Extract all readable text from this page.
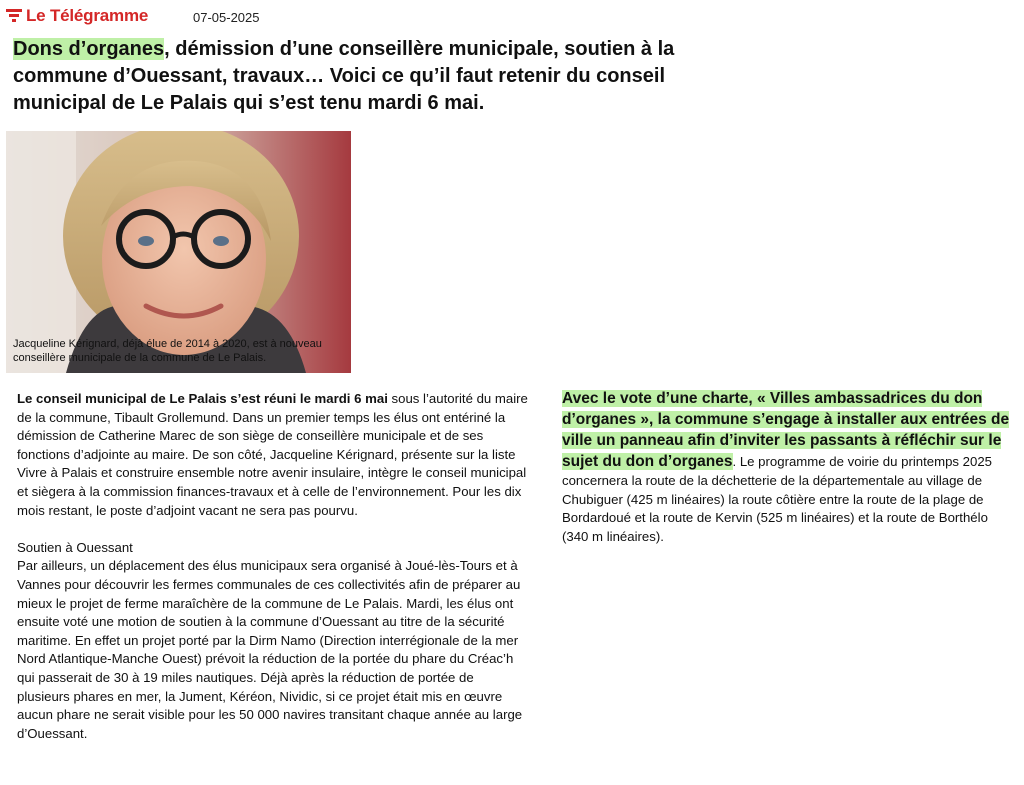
Le Télégramme	07-05-2025
Dons d’organes, démission d’une conseillère municipale, soutien à la commune d’Ouessant, travaux… Voici ce qu’il faut retenir du conseil municipal de Le Palais qui s’est tenu mardi 6 mai.
Jacqueline Kérignard, déjà élue de 2014 à 2020, est à nouveau conseillère municipale de la commune de Le Palais.

Le conseil municipal de Le Palais s’est réuni le mardi 6 mai sous l’autorité du maire de la commune, Tibault Grollemund. Dans un premier temps les élus ont entériné la démission de Catherine Marec de son siège de conseillère municipale et de ses fonctions d’adjointe au maire. De son côté, Jacqueline Kérignard, présente sur la liste Vivre à Palais et construire ensemble notre avenir insulaire, intègre le conseil municipal et siègera à la commission finances-travaux et à celle de l’environnement. Pour les dix mois restant, le poste d’adjoint vacant ne sera pas pourvu.

Soutien à Ouessant

Par ailleurs, un déplacement des élus municipaux sera organisé à Joué-lès-Tours et à Vannes pour découvrir les fermes communales de ces collectivités afin de préparer au mieux le projet de ferme maraîchère de la commune de Le Palais. Mardi, les élus ont ensuite voté une motion de soutien à la commune d’Ouessant au titre de la sécurité maritime. En effet un projet porté par la Dirm Namo (Direction interrégionale de la mer Nord Atlantique-Manche Ouest) prévoit la réduction de la portée du phare du Créac’h qui passerait de 30 à 19 miles nautiques. Déjà après la réduction de portée de plusieurs phares en mer, la Jument, Kéréon, Nividic, si ce projet était mis en œuvre aucun phare ne serait visible pour les 50 000 navires transitant chaque année au large d’Ouessant.

Avec le vote d’une charte, « Villes ambassadrices du don d’organes », la commune s’engage à installer aux entrées de ville un panneau afin d’inviter les passants à réfléchir sur le sujet du don d’organes. Le programme de voirie du printemps 2025 concernera la route de la déchetterie de la départementale au village de Chubiguer (425 m linéaires) la route côtière entre la route de la plage de Bordardoué et la route de Kervin (525 m linéaires) et la route de Borthélo (340 m linéaires).
